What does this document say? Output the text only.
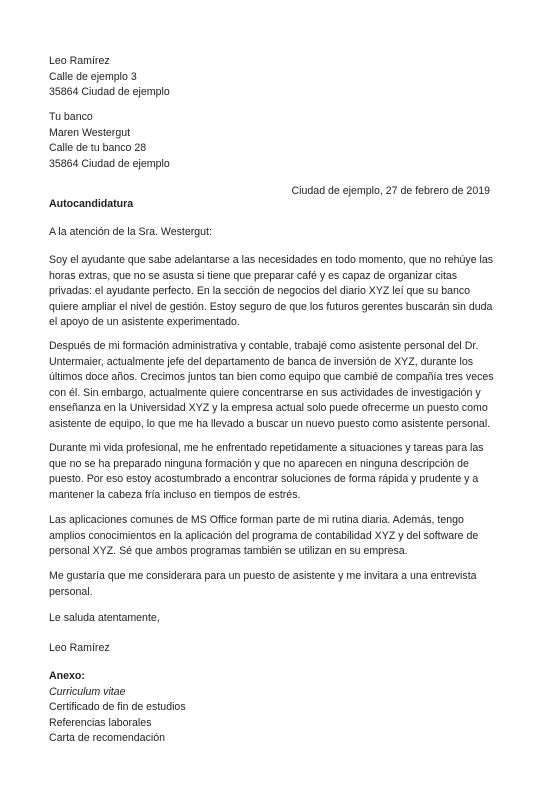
Leo Ramírez
Calle de ejemplo 3
35864 Ciudad de ejemplo
Tu banco
Maren Westergut
Calle de tu banco 28
35864 Ciudad de ejemplo
Ciudad de ejemplo, 27 de febrero de 2019
Autocandidatura
A la atención de la Sra. Westergut:
Soy el ayudante que sabe adelantarse a las necesidades en todo momento, que no rehúye las horas extras, que no se asusta si tiene que preparar café y es capaz de organizar citas privadas: el ayudante perfecto. En la sección de negocios del diario XYZ leí que su banco quiere ampliar el nivel de gestión. Estoy seguro de que los futuros gerentes buscarán sin duda el apoyo de un asistente experimentado.
Después de mi formación administrativa y contable, trabajé como asistente personal del Dr. Untermaier, actualmente jefe del departamento de banca de inversión de XYZ, durante los últimos doce años. Crecimos juntos tan bien como equipo que cambié de compañía tres veces con él. Sin embargo, actualmente quiere concentrarse en sus actividades de investigación y enseñanza en la Universidad XYZ y la empresa actual solo puede ofrecerme un puesto como asistente de equipo, lo que me ha llevado a buscar un nuevo puesto como asistente personal.
Durante mi vida profesional, me he enfrentado repetidamente a situaciones y tareas para las que no se ha preparado ninguna formación y que no aparecen en ninguna descripción de puesto. Por eso estoy acostumbrado a encontrar soluciones de forma rápida y prudente y a mantener la cabeza fría incluso en tiempos de estrés.
Las aplicaciones comunes de MS Office forman parte de mi rutina diaria. Además, tengo amplios conocimientos en la aplicación del programa de contabilidad XYZ y del software de personal XYZ. Sé que ambos programas también se utilizan en su empresa.
Me gustaría que me considerara para un puesto de asistente y me invitara a una entrevista personal.
Le saluda atentamente,
Leo Ramírez
Anexo:
Curriculum vitae
Certificado de fin de estudios
Referencias laborales
Carta de recomendación
